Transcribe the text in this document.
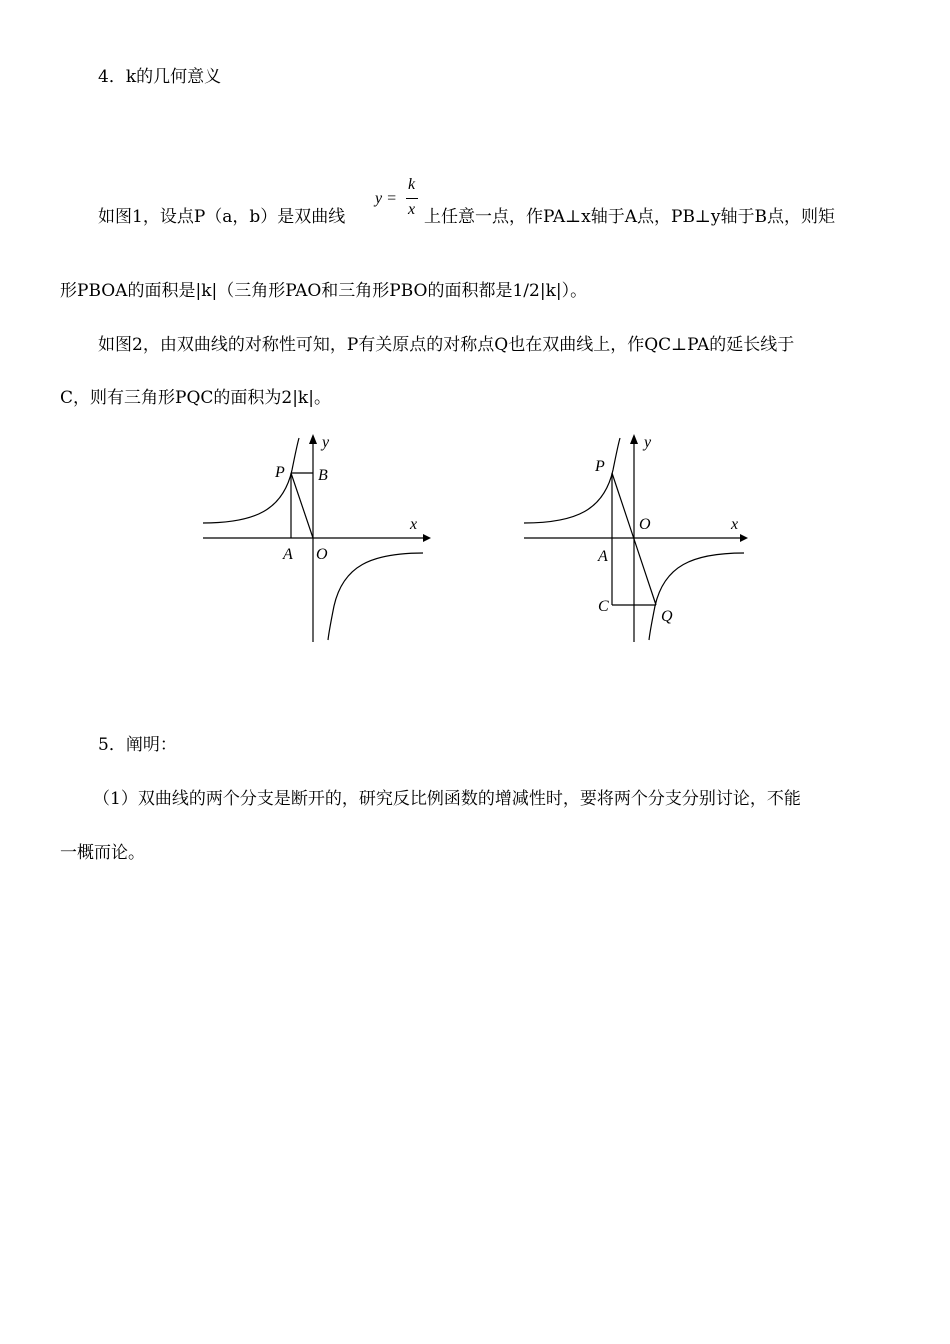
4．k的几何意义
y =
k
x
如图1，设点P（a，b）是双曲线	上任意一点，作PA⊥x轴于A点，PB⊥y轴于B点，则矩
形PBOA的面积是|k|（三角形PAO和三角形PBO的面积都是1/2|k|）。
如图2，由双曲线的对称性可知，P有关原点的对称点Q也在双曲线上，作QC⊥PA的延长线于
C，则有三角形PQC的面积为2|k|。
P B
A O
x
y
P
O
A
C
Q
x
y
5．阐明：
（1）双曲线的两个分支是断开的，研究反比例函数的增减性时，要将两个分支分别讨论，不能
一概而论。
